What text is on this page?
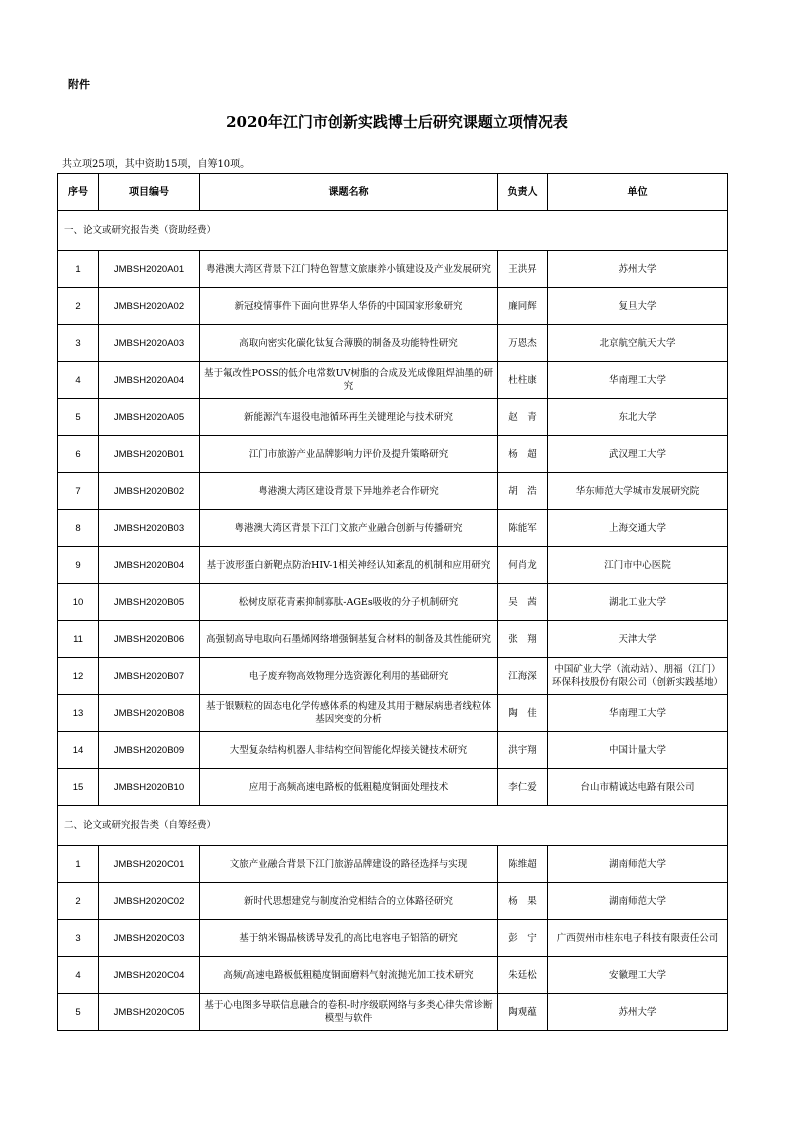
附件
2020年江门市创新实践博士后研究课题立项情况表
共立项25项，其中资助15项，自筹10项。
序号	项目编号	课题名称	负责人	单位
一、论文或研究报告类（资助经费）				
1	JMBSH2020A01	粤港澳大湾区背景下江门特色智慧文旅康养小镇建设及产业发展研究	王洪昇	苏州大学
2	JMBSH2020A02	新冠疫情事件下面向世界华人华侨的中国国家形象研究	廉同辉	复旦大学
3	JMBSH2020A03	高取向密实化碳化钛复合薄膜的制备及功能特性研究	万恩杰	北京航空航天大学
4	JMBSH2020A04	基于氟改性POSS的低介电常数UV树脂的合成及光成像阻焊油墨的研究	杜柱康	华南理工大学
5	JMBSH2020A05	新能源汽车退役电池循环再生关键理论与技术研究	赵　青	东北大学
6	JMBSH2020B01	江门市旅游产业品牌影响力评价及提升策略研究	杨　超	武汉理工大学
7	JMBSH2020B02	粤港澳大湾区建设背景下异地养老合作研究	胡　浩	华东师范大学城市发展研究院
8	JMBSH2020B03	粤港澳大湾区背景下江门文旅产业融合创新与传播研究	陈能军	上海交通大学
9	JMBSH2020B04	基于波形蛋白新靶点防治HIV-1相关神经认知紊乱的机制和应用研究	何肖龙	江门市中心医院
10	JMBSH2020B05	松树皮原花青素抑制寡肽-AGEs吸收的分子机制研究	吴　茜	湖北工业大学
11	JMBSH2020B06	高强韧高导电取向石墨烯网络增强铜基复合材料的制备及其性能研究	张　翔	天津大学
12	JMBSH2020B07	电子废弃物高效物理分选资源化利用的基础研究	江海深	中国矿业大学（流动站）、朋福（江门）环保科技股份有限公司（创新实践基地）
13	JMBSH2020B08	基于银颗粒的固态电化学传感体系的构建及其用于糖尿病患者线粒体基因突变的分析	陶　佳	华南理工大学
14	JMBSH2020B09	大型复杂结构机器人非结构空间智能化焊接关键技术研究	洪宇翔	中国计量大学
15	JMBSH2020B10	应用于高频高速电路板的低粗糙度铜面处理技术	李仁爱	台山市精诚达电路有限公司
二、论文或研究报告类（自筹经费）				
1	JMBSH2020C01	文旅产业融合背景下江门旅游品牌建设的路径选择与实现	陈维超	湖南师范大学
2	JMBSH2020C02	新时代思想建党与制度治党相结合的立体路径研究	杨　果	湖南师范大学
3	JMBSH2020C03	基于纳米锡晶核诱导发孔的高比电容电子铝箔的研究	彭　宁	广西贺州市桂东电子科技有限责任公司
4	JMBSH2020C04	高频/高速电路板低粗糙度铜面磨料气射流抛光加工技术研究	朱廷松	安徽理工大学
5	JMBSH2020C05	基于心电图多导联信息融合的卷积-时序级联网络与多类心律失常诊断模型与软件	陶观蕴	苏州大学
